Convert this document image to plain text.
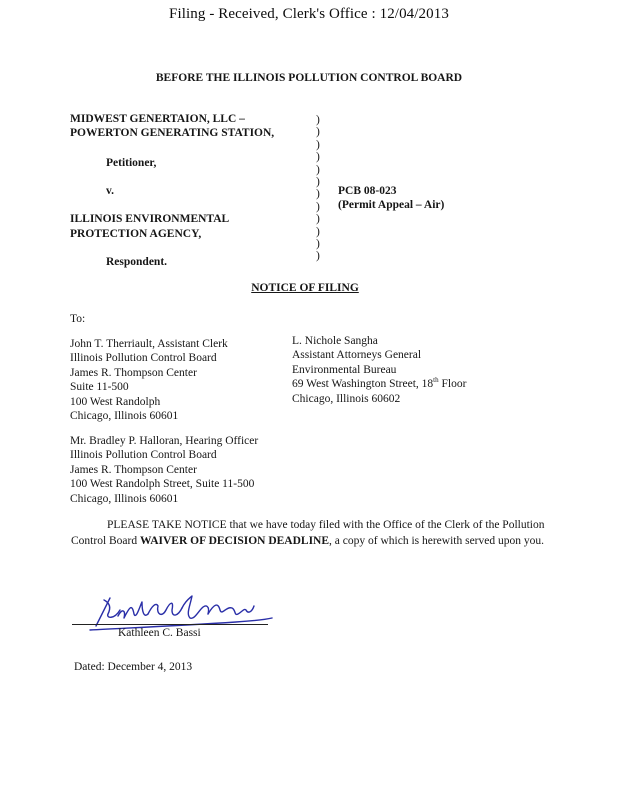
Filing - Received, Clerk's Office : 12/04/2013
BEFORE THE ILLINOIS POLLUTION CONTROL BOARD
MIDWEST GENERTAION, LLC –
POWERTON GENERATING STATION,
Petitioner,
v.
ILLINOIS ENVIRONMENTAL
PROTECTION AGENCY,
Respondent.
)
)
)
)
)
)
)
)
)
)
)
)
PCB 08-023
(Permit Appeal – Air)
NOTICE OF FILING
To:
John T. Therriault, Assistant Clerk
Illinois Pollution Control Board
James R. Thompson Center
Suite 11-500
100 West Randolph
Chicago, Illinois 60601
L. Nichole Sangha
Assistant Attorneys General
Environmental Bureau
69 West Washington Street, 18th Floor
Chicago, Illinois 60602
Mr. Bradley P. Halloran, Hearing Officer
Illinois Pollution Control Board
James R. Thompson Center
100 West Randolph Street, Suite 11-500
Chicago, Illinois 60601
PLEASE TAKE NOTICE that we have today filed with the Office of the Clerk of the Pollution Control Board WAIVER OF DECISION DEADLINE, a copy of which is herewith served upon you.
Kathleen C. Bassi
Dated: December 4, 2013
